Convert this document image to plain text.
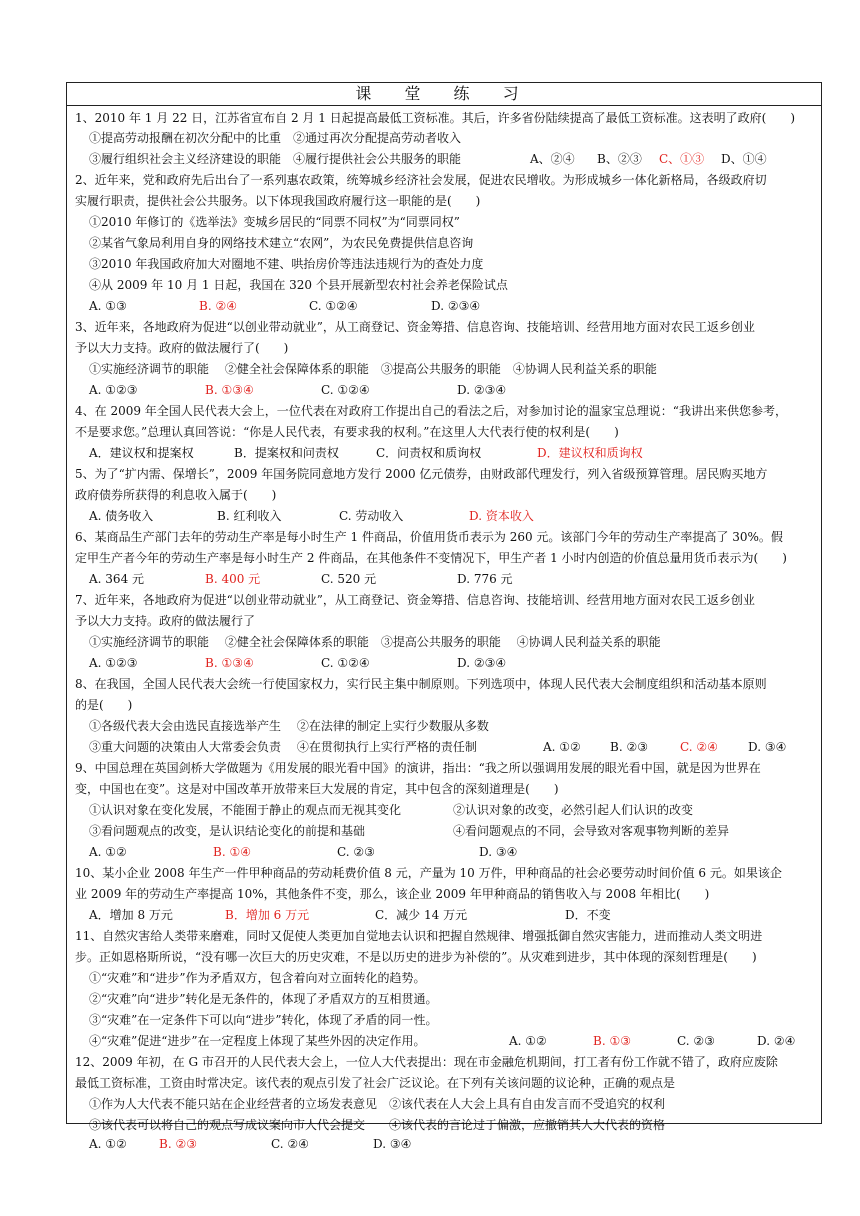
课 堂 练 习
1、2010 年 1 月 22 日，江苏省宣布自 2 月 1 日起提高最低工资标准。其后，许多省份陆续提高了最低工资标准。这表明了政府(　　)
①提高劳动报酬在初次分配中的比重　②通过再次分配提高劳动者收入
③履行组织社会主义经济建设的职能　④履行提供社会公共服务的职能	A、②④ B、②③ C、①③ D、①④
2、近年来，党和政府先后出台了一系列惠农政策，统筹城乡经济社会发展，促进农民增收。为形成城乡一体化新格局，各级政府切
实履行职责，提供社会公共服务。以下体现我国政府履行这一职能的是(　　)
①2010 年修订的《选举法》变城乡居民的“同票不同权”为“同票同权”
②某省气象局利用自身的网络技术建立“农网”，为农民免费提供信息咨询
③2010 年我国政府加大对圈地不建、哄抬房价等违法违规行为的查处力度
④从 2009 年 10 月 1 日起，我国在 320 个县开展新型农村社会养老保险试点
A. ①③	B. ②④	C. ①②④	D. ②③④
3、近年来，各地政府为促进“以创业带动就业”，从工商登记、资金筹措、信息咨询、技能培训、经营用地方面对农民工返乡创业
予以大力支持。政府的做法履行了(　　)
①实施经济调节的职能　 ②健全社会保障体系的职能　③提高公共服务的职能　④协调人民利益关系的职能
A. ①②③	B. ①③④	C. ①②④	D. ②③④
4、在 2009 年全国人民代表大会上，一位代表在对政府工作提出自己的看法之后，对参加讨论的温家宝总理说：“我讲出来供您参考，
不是要求您。”总理认真回答说：“你是人民代表，有要求我的权利。”在这里人大代表行使的权利是(　　)
A．建议权和提案权	B．提案权和问责权	C．问责权和质询权	D．建议权和质询权
5、为了“扩内需、保增长”，2009 年国务院同意地方发行 2000 亿元债券，由财政部代理发行，列入省级预算管理。居民购买地方
政府债券所获得的利息收入属于(　　)
A. 债务收入	B. 红利收入	C. 劳动收入	D. 资本收入
6、某商品生产部门去年的劳动生产率是每小时生产 1 件商品，价值用货币表示为 260 元。该部门今年的劳动生产率提高了 30%。假
定甲生产者今年的劳动生产率是每小时生产 2 件商品，在其他条件不变情况下，甲生产者 1 小时内创造的价值总量用货币表示为(　　)
A. 364 元	B. 400 元	C. 520 元	D. 776 元
7、近年来，各地政府为促进“以创业带动就业”，从工商登记、资金筹措、信息咨询、技能培训、经营用地方面对农民工返乡创业
予以大力支持。政府的做法履行了
①实施经济调节的职能　 ②健全社会保障体系的职能　③提高公共服务的职能　 ④协调人民利益关系的职能
A. ①②③	B. ①③④	C. ①②④	D. ②③④
8、在我国，全国人民代表大会统一行使国家权力，实行民主集中制原则。下列选项中，体现人民代表大会制度组织和活动基本原则
的是(　　)
①各级代表大会由选民直接选举产生　 ②在法律的制定上实行少数服从多数
③重大问题的决策由人大常委会负责　 ④在贯彻执行上实行严格的责任制	A. ①② B. ②③	C. ②④	D. ③④
9、中国总理在英国剑桥大学做题为《用发展的眼光看中国》的演讲，指出：“我之所以强调用发展的眼光看中国，就是因为世界在
变，中国也在变”。这是对中国改革开放带来巨大发展的肯定，其中包含的深刻道理是(　　)
①认识对象在变化发展，不能囿于静止的观点而无视其变化	②认识对象的改变，必然引起人们认识的改变
③看问题观点的改变，是认识结论变化的前提和基础	④看问题观点的不同，会导致对客观事物判断的差异
A. ①②	B. ①④	C. ②③	D. ③④
10、某小企业 2008 年生产一件甲种商品的劳动耗费价值 8 元，产量为 10 万件，甲种商品的社会必要劳动时间价值 6 元。如果该企
业 2009 年的劳动生产率提高 10%，其他条件不变，那么，该企业 2009 年甲种商品的销售收入与 2008 年相比(　　)
A．增加 8 万元	B．增加 6 万元	C．减少 14 万元	D．不变
11、自然灾害给人类带来磨难，同时又促使人类更加自觉地去认识和把握自然规律、增强抵御自然灾害能力，进而推动人类文明进
步。正如恩格斯所说，“没有哪一次巨大的历史灾难，不是以历史的进步为补偿的”。从灾难到进步，其中体现的深刻哲理是(　　)
①“灾难”和“进步”作为矛盾双方，包含着向对立面转化的趋势。
②“灾难”向“进步”转化是无条件的，体现了矛盾双方的互相贯通。
③“灾难”在一定条件下可以向“进步”转化，体现了矛盾的同一性。
④“灾难”促进“进步”在一定程度上体现了某些外因的决定作用。	A. ①②	B. ①③	C. ②③	D. ②④
12、2009 年初，在 G 市召开的人民代表大会上，一位人大代表提出：现在市金融危机期间，打工者有份工作就不错了，政府应废除
最低工资标准，工资由时常决定。该代表的观点引发了社会广泛议论。在下列有关该问题的议论种，正确的观点是
①作为人大代表不能只站在企业经营者的立场发表意见　②该代表在人大会上具有自由发言而不受追究的权利
③该代表可以将自己的观点写成议案向市人代会提交　　④该代表的言论过于偏激，应撤销其人大代表的资格
A. ①②	B. ②③	C. ②④	D. ③④
